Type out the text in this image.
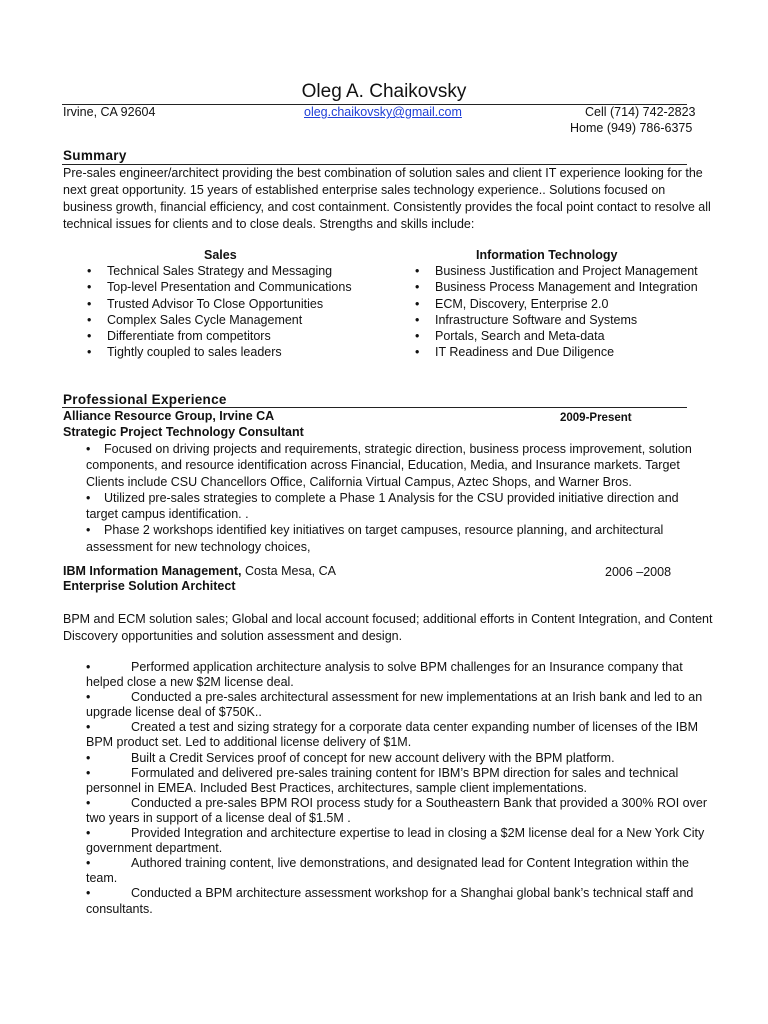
Oleg A. Chaikovsky
Irvine, CA 92604	oleg.chaikovsky@gmail.com	Cell (714) 742-2823
Home (949) 786-6375
Summary
Pre-sales engineer/architect providing the best combination of solution sales and client IT experience looking for the next great opportunity. 15 years of established enterprise sales technology experience.. Solutions focused on business growth, financial efficiency, and cost containment. Consistently provides the focal point contact to resolve all technical issues for clients and to close deals. Strengths and skills include:
Sales
• Technical Sales Strategy and Messaging
• Top-level Presentation and Communications
• Trusted Advisor To Close Opportunities
• Complex Sales Cycle Management
• Differentiate from competitors
• Tightly coupled to sales leaders
Information Technology
• Business Justification and Project Management
• Business Process Management and Integration
• ECM, Discovery, Enterprise 2.0
• Infrastructure Software and Systems
• Portals, Search and Meta-data
• IT Readiness and Due Diligence
Professional Experience
Alliance Resource Group, Irvine CA	2009-Present
Strategic Project Technology Consultant
• Focused on driving projects and requirements, strategic direction, business process improvement, solution components, and resource identification across Financial, Education, Media, and Insurance markets. Target Clients include CSU Chancellors Office, California Virtual Campus, Aztec Shops, and Warner Bros.
• Utilized pre-sales strategies to complete a Phase 1 Analysis for the CSU provided initiative direction and target campus identification. .
• Phase 2 workshops identified key initiatives on target campuses, resource planning, and architectural assessment for new technology choices,
IBM Information Management, Costa Mesa, CA	2006 –2008
Enterprise Solution Architect
BPM and ECM solution sales; Global and local account focused; additional efforts in Content Integration, and Content Discovery opportunities and solution assessment and design.
•	Performed application architecture analysis to solve BPM challenges for an Insurance company that helped close a new $2M license deal.
•	Conducted a pre-sales architectural assessment for new implementations at an Irish bank and led to an upgrade license deal of $750K..
•	Created a test and sizing strategy for a corporate data center expanding number of licenses of the IBM BPM product set. Led to additional license delivery of $1M.
•	Built a Credit Services proof of concept for new account delivery with the BPM platform.
•	Formulated and delivered pre-sales training content for IBM’s BPM direction for sales and technical personnel in EMEA. Included Best Practices, architectures, sample client implementations.
•	Conducted a pre-sales BPM ROI process study for a Southeastern Bank that provided a 300% ROI over two years in support of a license deal of $1.5M .
•	Provided Integration and architecture expertise to lead in closing a $2M license deal for a New York City government department.
•	Authored training content, live demonstrations, and designated lead for Content Integration within the team.
•	Conducted a BPM architecture assessment workshop for a Shanghai global bank’s technical staff and consultants.
